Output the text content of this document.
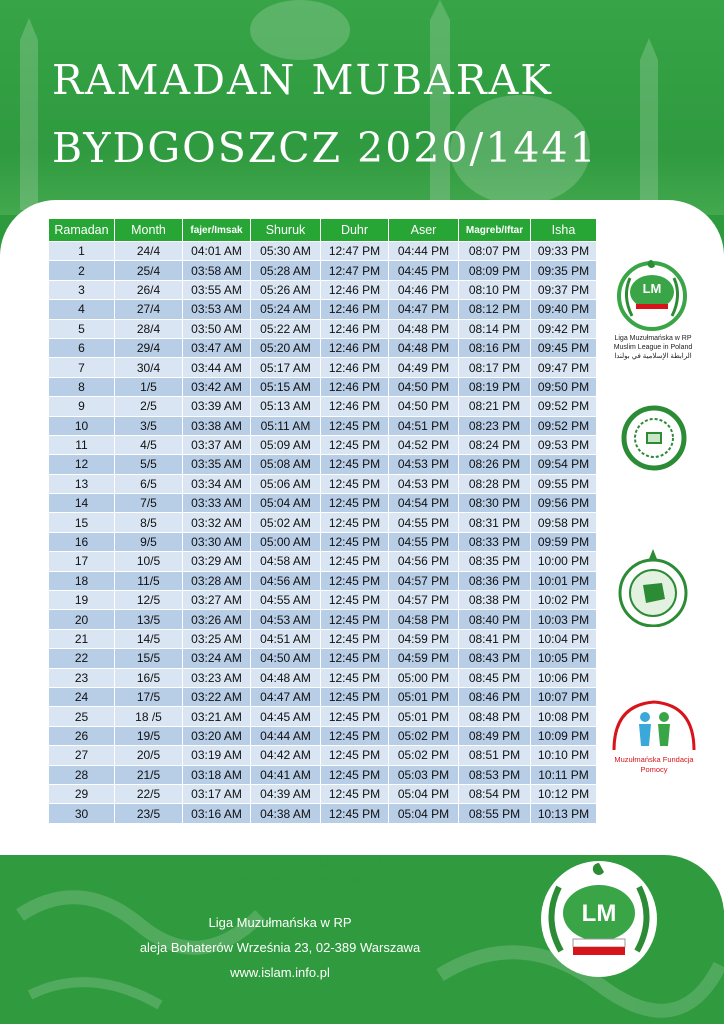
RAMADAN MUBARAK
BYDGOSZCZ 2020/1441
Ramadan	Month	fajer/Imsak	Shuruk	Duhr	Aser	Magreb/Iftar	Isha
1	24/4	04:01 AM	05:30 AM	12:47 PM	04:44 PM	08:07 PM	09:33 PM
2	25/4	03:58 AM	05:28 AM	12:47 PM	04:45 PM	08:09 PM	09:35 PM
3	26/4	03:55 AM	05:26 AM	12:46 PM	04:46 PM	08:10 PM	09:37 PM
4	27/4	03:53 AM	05:24 AM	12:46 PM	04:47 PM	08:12 PM	09:40 PM
5	28/4	03:50 AM	05:22 AM	12:46 PM	04:48 PM	08:14 PM	09:42 PM
6	29/4	03:47 AM	05:20 AM	12:46 PM	04:48 PM	08:16 PM	09:45 PM
7	30/4	03:44 AM	05:17 AM	12:46 PM	04:49 PM	08:17 PM	09:47 PM
8	1/5	03:42 AM	05:15 AM	12:46 PM	04:50 PM	08:19 PM	09:50 PM
9	2/5	03:39 AM	05:13 AM	12:46 PM	04:50 PM	08:21 PM	09:52 PM
10	3/5	03:38 AM	05:11 AM	12:45 PM	04:51 PM	08:23 PM	09:52 PM
11	4/5	03:37 AM	05:09 AM	12:45 PM	04:52 PM	08:24 PM	09:53 PM
12	5/5	03:35 AM	05:08 AM	12:45 PM	04:53 PM	08:26 PM	09:54 PM
13	6/5	03:34 AM	05:06 AM	12:45 PM	04:53 PM	08:28 PM	09:55 PM
14	7/5	03:33 AM	05:04 AM	12:45 PM	04:54 PM	08:30 PM	09:56 PM
15	8/5	03:32 AM	05:02 AM	12:45 PM	04:55 PM	08:31 PM	09:58 PM
16	9/5	03:30 AM	05:00 AM	12:45 PM	04:55 PM	08:33 PM	09:59 PM
17	10/5	03:29 AM	04:58 AM	12:45 PM	04:56 PM	08:35 PM	10:00 PM
18	11/5	03:28 AM	04:56 AM	12:45 PM	04:57 PM	08:36 PM	10:01 PM
19	12/5	03:27 AM	04:55 AM	12:45 PM	04:57 PM	08:38 PM	10:02 PM
20	13/5	03:26 AM	04:53 AM	12:45 PM	04:58 PM	08:40 PM	10:03 PM
21	14/5	03:25 AM	04:51 AM	12:45 PM	04:59 PM	08:41 PM	10:04 PM
22	15/5	03:24 AM	04:50 AM	12:45 PM	04:59 PM	08:43 PM	10:05 PM
23	16/5	03:23 AM	04:48 AM	12:45 PM	05:00 PM	08:45 PM	10:06 PM
24	17/5	03:22 AM	04:47 AM	12:45 PM	05:01 PM	08:46 PM	10:07 PM
25	18 /5	03:21 AM	04:45 AM	12:45 PM	05:01 PM	08:48 PM	10:08 PM
26	19/5	03:20 AM	04:44 AM	12:45 PM	05:02 PM	08:49 PM	10:09 PM
27	20/5	03:19 AM	04:42 AM	12:45 PM	05:02 PM	08:51 PM	10:10 PM
28	21/5	03:18 AM	04:41 AM	12:45 PM	05:03 PM	08:53 PM	10:11 PM
29	22/5	03:17 AM	04:39 AM	12:45 PM	05:04 PM	08:54 PM	10:12 PM
30	23/5	03:16 AM	04:38 AM	12:45 PM	05:04 PM	08:55 PM	10:13 PM
LM
Liga Muzułmańska w RP
Muslim League in Poland
الرابطة الإسلامية في بولندا
Muzułmańska Fundacja
Pomocy
يفضل الإمساك قبل 10 دقائق من وقت الفجر
Imsak Time 10 min befor Fajer
Imsak 10 min przed Fajer
LM
Liga Muzułmańska w RP
aleja Bohaterów Września 23, 02-389 Warszawa
www.islam.info.pl
